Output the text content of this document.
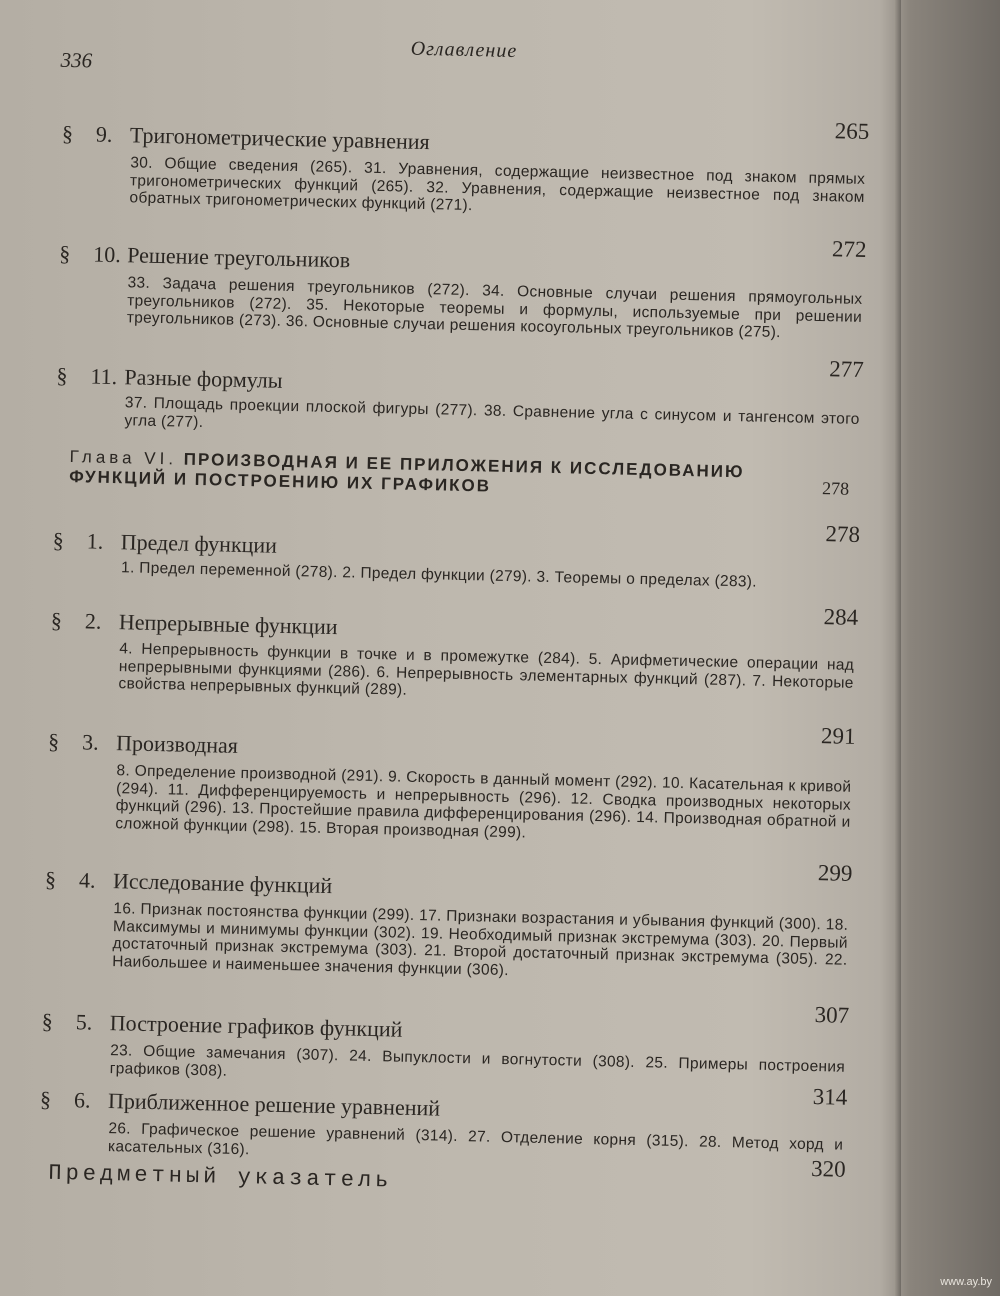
Оглавление
336
265
§ 9. Тригонометрические уравнения
30. Общие сведения (265). 31. Уравнения, содержащие неизвестное под знаком прямых тригонометрических функций (265). 32. Уравнения, содержащие неизвестное под знаком обратных тригонометрических функций (271).
272
§ 10. Решение треугольников
33. Задача решения треугольников (272). 34. Основные случаи решения прямоугольных треугольников (272). 35. Некоторые теоремы и формулы, используемые при решении треугольников (273). 36. Основные случаи решения косоугольных треугольников (275).
277
§ 11. Разные формулы
37. Площадь проекции плоской фигуры (277). 38. Сравнение угла с синусом и тангенсом этого угла (277).
Глава VI. ПРОИЗВОДНАЯ И ЕЕ ПРИЛОЖЕНИЯ К ИССЛЕДОВАНИЮ ФУНКЦИЙ И ПОСТРОЕНИЮ ИХ ГРАФИКОВ	278
278
§ 1. Предел функции
1. Предел переменной (278). 2. Предел функции (279). 3. Теоремы о пределах (283).
284
§ 2. Непрерывные функции
4. Непрерывность функции в точке и в промежутке (284). 5. Арифметические операции над непрерывными функциями (286). 6. Непрерывность элементарных функций (287). 7. Некоторые свойства непрерывных функций (289).
291
§ 3. Производная
8. Определение производной (291). 9. Скорость в данный момент (292). 10. Касательная к кривой (294). 11. Дифференцируемость и непрерывность (296). 12. Сводка производных некоторых функций (296). 13. Простейшие правила дифференцирования (296). 14. Производная обратной и сложной функции (298). 15. Вторая производная (299).
299
§ 4. Исследование функций
16. Признак постоянства функции (299). 17. Признаки возрастания и убывания функций (300). 18. Максимумы и минимумы функции (302). 19. Необходимый признак экстремума (303). 20. Первый достаточный признак экстремума (303). 21. Второй достаточный признак экстремума (305). 22. Наибольшее и наименьшее значения функции (306).
307
§ 5. Построение графиков функций
23. Общие замечания (307). 24. Выпуклости и вогнутости (308). 25. Примеры построения графиков (308).
314
§ 6. Приближенное решение уравнений
26. Графическое решение уравнений (314). 27. Отделение корня (315). 28. Метод хорд и касательных (316).
320
Предметный указатель
www.ay.by
